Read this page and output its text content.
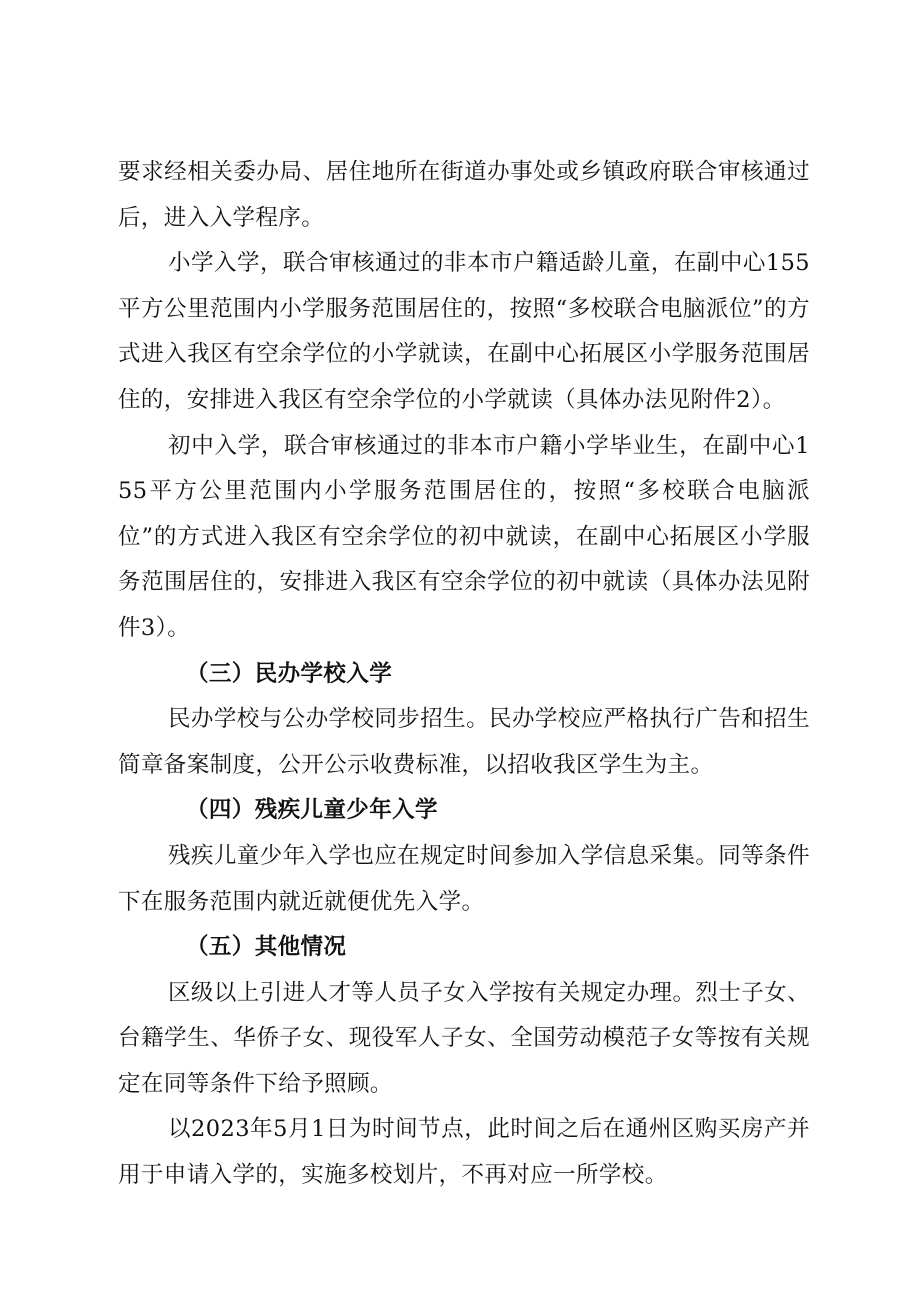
要求经相关委办局、居住地所在街道办事处或乡镇政府联合审核通过后，进入入学程序。

小学入学，联合审核通过的非本市户籍适龄儿童，在副中心155平方公里范围内小学服务范围居住的，按照“多校联合电脑派位”的方式进入我区有空余学位的小学就读，在副中心拓展区小学服务范围居住的，安排进入我区有空余学位的小学就读（具体办法见附件2）。

初中入学，联合审核通过的非本市户籍小学毕业生，在副中心155平方公里范围内小学服务范围居住的，按照“多校联合电脑派位”的方式进入我区有空余学位的初中就读，在副中心拓展区小学服务范围居住的，安排进入我区有空余学位的初中就读（具体办法见附件3）。

（三）民办学校入学

民办学校与公办学校同步招生。民办学校应严格执行广告和招生简章备案制度，公开公示收费标准，以招收我区学生为主。

（四）残疾儿童少年入学

残疾儿童少年入学也应在规定时间参加入学信息采集。同等条件下在服务范围内就近就便优先入学。

（五）其他情况

区级以上引进人才等人员子女入学按有关规定办理。烈士子女、台籍学生、华侨子女、现役军人子女、全国劳动模范子女等按有关规定在同等条件下给予照顾。

以2023年5月1日为时间节点，此时间之后在通州区购买房产并用于申请入学的，实施多校划片，不再对应一所学校。
